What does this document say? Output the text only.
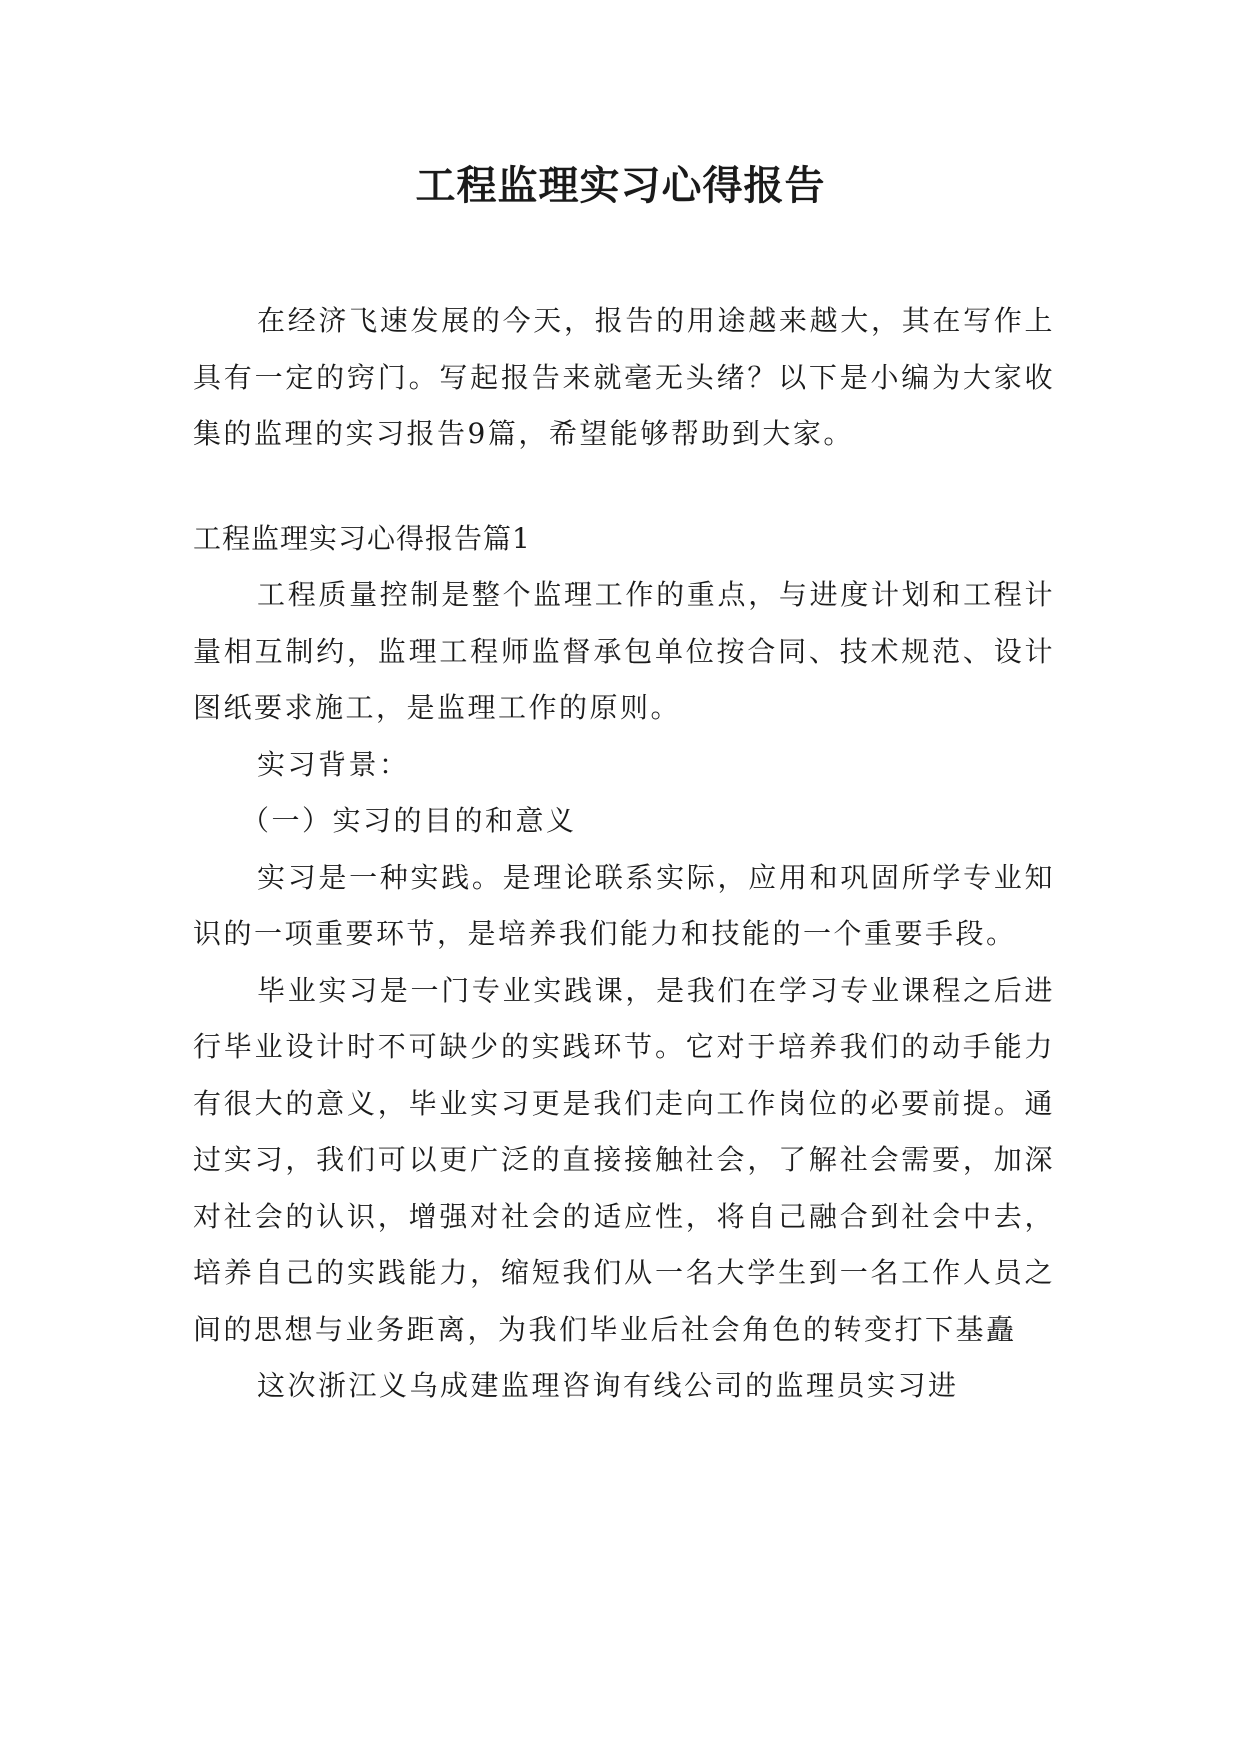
工程监理实习心得报告

在经济飞速发展的今天，报告的用途越来越大，其在写作上具有一定的窍门。写起报告来就毫无头绪？以下是小编为大家收集的监理的实习报告9篇，希望能够帮助到大家。

工程监理实习心得报告篇1

工程质量控制是整个监理工作的重点，与进度计划和工程计量相互制约，监理工程师监督承包单位按合同、技术规范、设计图纸要求施工，是监理工作的原则。

实习背景：

（一）实习的目的和意义

实习是一种实践。是理论联系实际，应用和巩固所学专业知识的一项重要环节，是培养我们能力和技能的一个重要手段。

毕业实习是一门专业实践课，是我们在学习专业课程之后进行毕业设计时不可缺少的实践环节。它对于培养我们的动手能力有很大的意义，毕业实习更是我们走向工作岗位的必要前提。通过实习，我们可以更广泛的直接接触社会，了解社会需要，加深对社会的认识，增强对社会的适应性，将自己融合到社会中去，培养自己的实践能力，缩短我们从一名大学生到一名工作人员之间的思想与业务距离，为我们毕业后社会角色的转变打下基矗

这次浙江义乌成建监理咨询有线公司的监理员实习进
